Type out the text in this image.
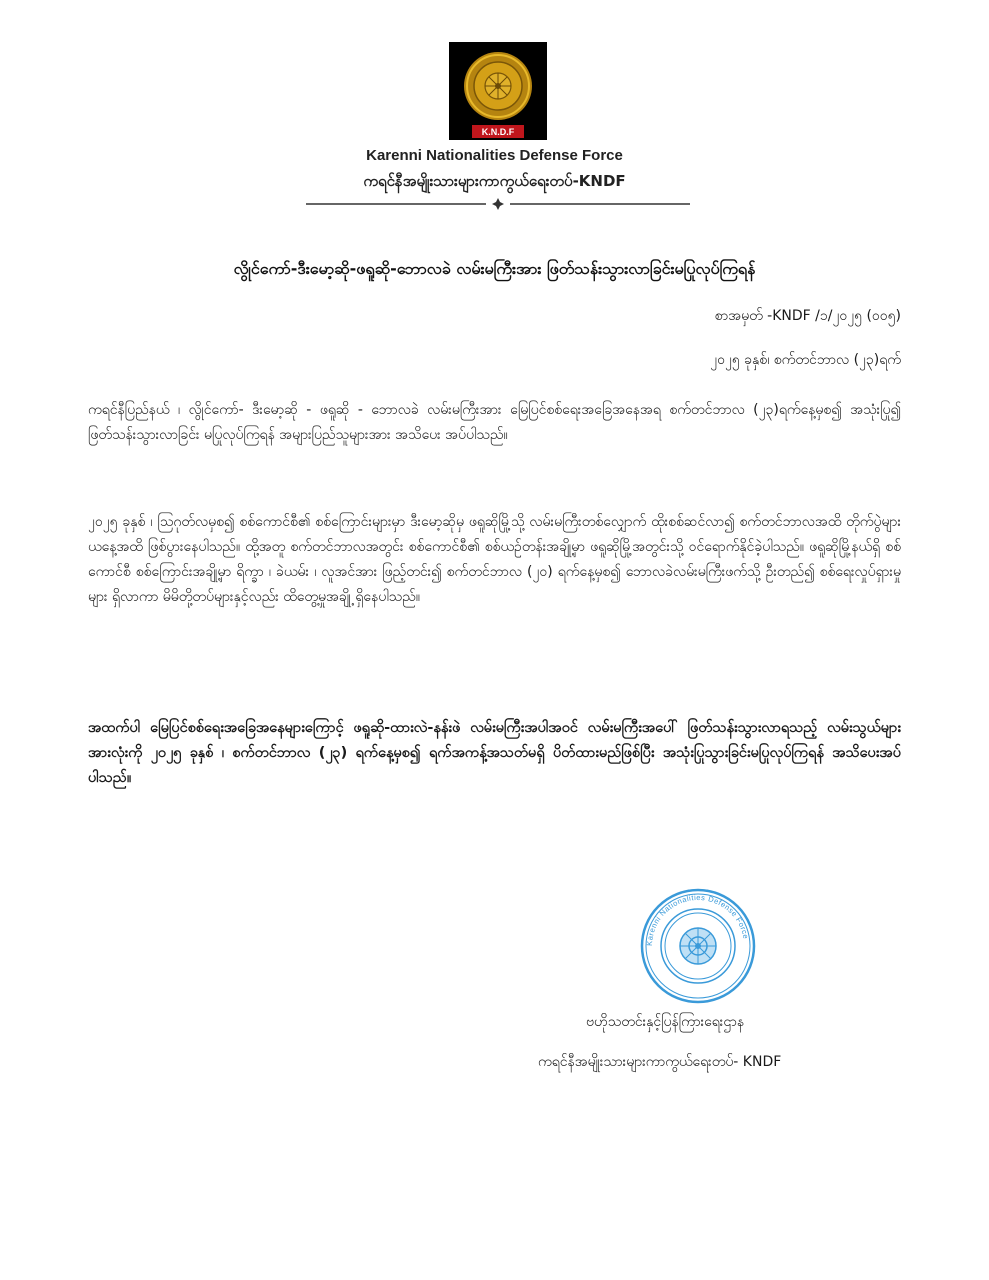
K.N.D.F
Karenni Nationalities Defense Force
ကရင်နီအမျိုးသားများကာကွယ်ရေးတပ်-KNDF
လွိုင်ကော်-ဒီးမော့ဆို-ဖရူဆို-ဘောလခဲ လမ်းမကြီးအား ဖြတ်သန်းသွားလာခြင်းမပြုလုပ်ကြရန်
စာအမှတ် -KNDF /၁/၂၀၂၅ (၀၀၅)
၂၀၂၅ ခုနှစ်၊ စက်တင်ဘာလ (၂၃)ရက်
ကရင်နီပြည်နယ် ၊ လွိုင်ကော်- ဒီးမော့ဆို - ဖရူဆို - ဘောလခဲ လမ်းမကြီးအား မြေပြင်စစ်ရေးအခြေအနေအရ စက်တင်ဘာလ (၂၃)ရက်နေ့မှစ၍ အသုံးပြု၍ ဖြတ်သန်းသွားလာခြင်း မပြုလုပ်ကြရန် အများပြည်သူများအား အသိပေး အပ်ပါသည်။
၂၀၂၅ ခုနှစ် ၊ ဩဂုတ်လမှစ၍ စစ်ကောင်စီ၏ စစ်ကြောင်းများမှာ ဒီးမော့ဆိုမှ ဖရူဆိုမြို့သို့ လမ်းမကြီးတစ်လျှောက် ထိုးစစ်ဆင်လာ၍ စက်တင်ဘာလအထိ တိုက်ပွဲများ ယနေ့အထိ ဖြစ်ပွားနေပါသည်။ ထို့အတူ စက်တင်ဘာလအတွင်း စစ်ကောင်စီ၏ စစ်ယဉ်တန်းအချို့မှာ ဖရူဆိုမြို့အတွင်းသို့ ဝင်ရောက်နိုင်ခဲ့ပါသည်။ ဖရူဆိုမြို့နယ်ရှိ စစ်ကောင်စီ စစ်ကြောင်းအချို့မှာ ရိက္ခာ ၊ ခဲယမ်း ၊ လူအင်အား ဖြည့်တင်း၍ စက်တင်ဘာလ (၂၀) ရက်နေ့မှစ၍ ဘောလခဲလမ်းမကြီးဖက်သို့ ဦးတည်၍ စစ်ရေးလှုပ်ရှားမှုများ ရှိလာကာ မိမိတို့တပ်များနှင့်လည်း ထိတွေ့မှုအချို့ ရှိနေပါသည်။
အထက်ပါ မြေပြင်စစ်ရေးအခြေအနေများကြောင့် ဖရူဆို-ထားလဲ-နန်းဖဲ လမ်းမကြီးအပါအဝင် လမ်းမကြီးအပေါ် ဖြတ်သန်းသွားလာရသည့် လမ်းသွယ်များအားလုံးကို ၂၀၂၅ ခုနှစ် ၊ စက်တင်ဘာလ (၂၃) ရက်နေ့မှစ၍ ရက်အကန့်အသတ်မရှိ ပိတ်ထားမည်ဖြစ်ပြီး အသုံးပြုသွားခြင်းမပြုလုပ်ကြရန် အသိပေးအပ်ပါသည်။
Karenni Nationalities Defense Force
ဗဟိုသတင်းနှင့်ပြန်ကြားရေးဌာန
ကရင်နီအမျိုးသားများကာကွယ်ရေးတပ်- KNDF
